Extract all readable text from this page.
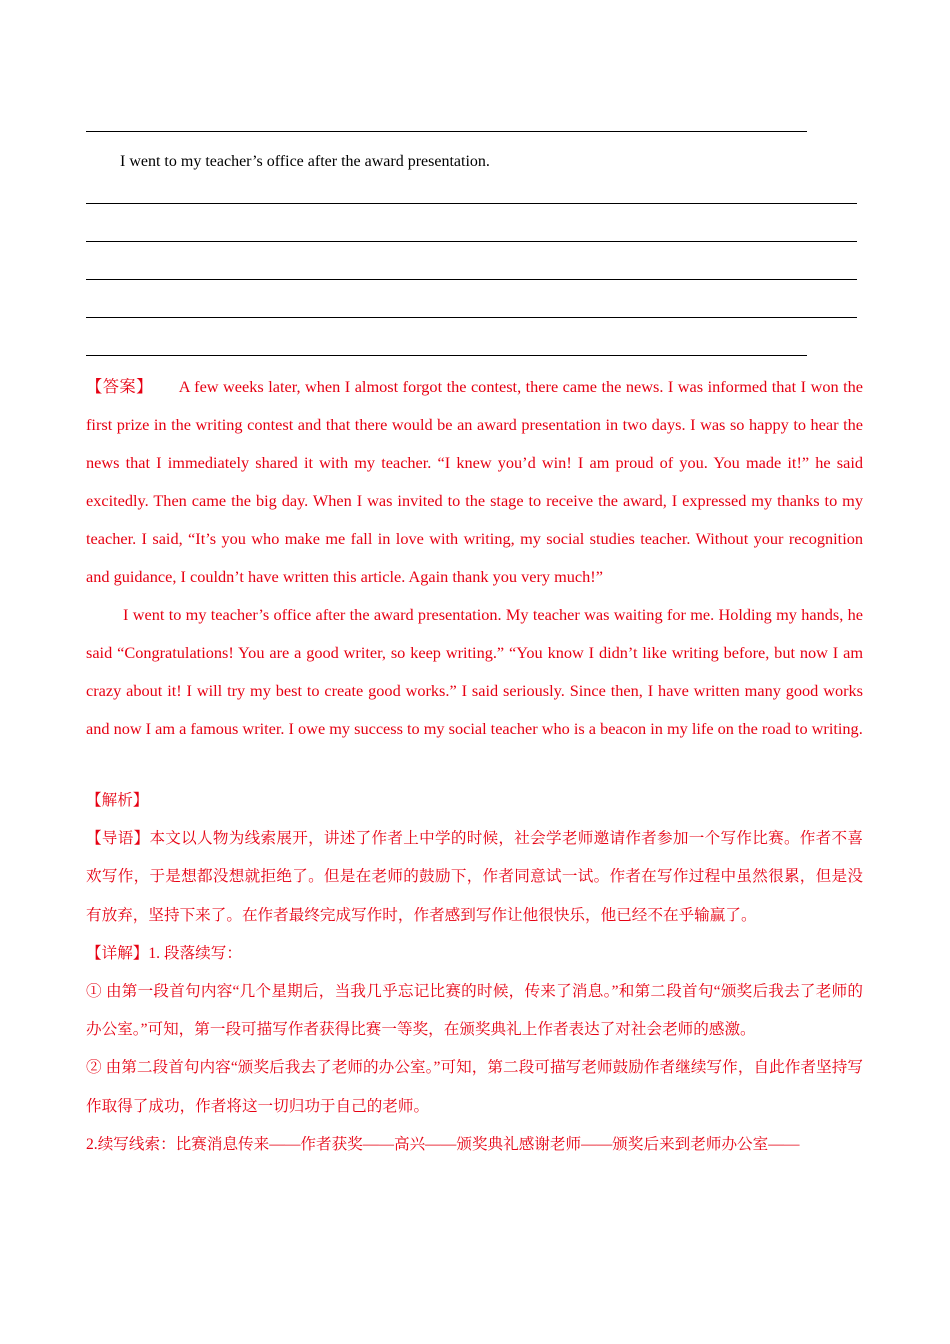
I went to my teacher’s office after the award presentation.

【答案】 A few weeks later, when I almost forgot the contest, there came the news. I was informed that I won the first prize in the writing contest and that there would be an award presentation in two days. I was so happy to hear the news that I immediately shared it with my teacher. “I knew you’d win! I am proud of you. You made it!” he said excitedly. Then came the big day. When I was invited to the stage to receive the award, I expressed my thanks to my teacher. I said, “It’s you who make me fall in love with writing, my social studies teacher. Without your recognition and guidance, I couldn’t have written this article. Again thank you very much!”

I went to my teacher’s office after the award presentation. My teacher was waiting for me. Holding my hands, he said “Congratulations! You are a good writer, so keep writing.” “You know I didn’t like writing before, but now I am crazy about it! I will try my best to create good works.” I said seriously. Since then, I have written many good works and now I am a famous writer. I owe my success to my social teacher who is a beacon in my life on the road to writing.

【解析】

【导语】本文以人物为线索展开，讲述了作者上中学的时候，社会学老师邀请作者参加一个写作比赛。作者不喜欢写作，于是想都没想就拒绝了。但是在老师的鼓励下，作者同意试一试。作者在写作过程中虽然很累，但是没有放弃，坚持下来了。在作者最终完成写作时，作者感到写作让他很快乐，他已经不在乎输赢了。

【详解】1. 段落续写：

① 由第一段首句内容“几个星期后，当我几乎忘记比赛的时候，传来了消息。”和第二段首句“颁奖后我去了老师的办公室。”可知，第一段可描写作者获得比赛一等奖，在颁奖典礼上作者表达了对社会老师的感激。

② 由第二段首句内容“颁奖后我去了老师的办公室。”可知，第二段可描写老师鼓励作者继续写作，自此作者坚持写作取得了成功，作者将这一切归功于自己的老师。

2.续写线索：比赛消息传来——作者获奖——高兴——颁奖典礼感谢老师——颁奖后来到老师办公室——
